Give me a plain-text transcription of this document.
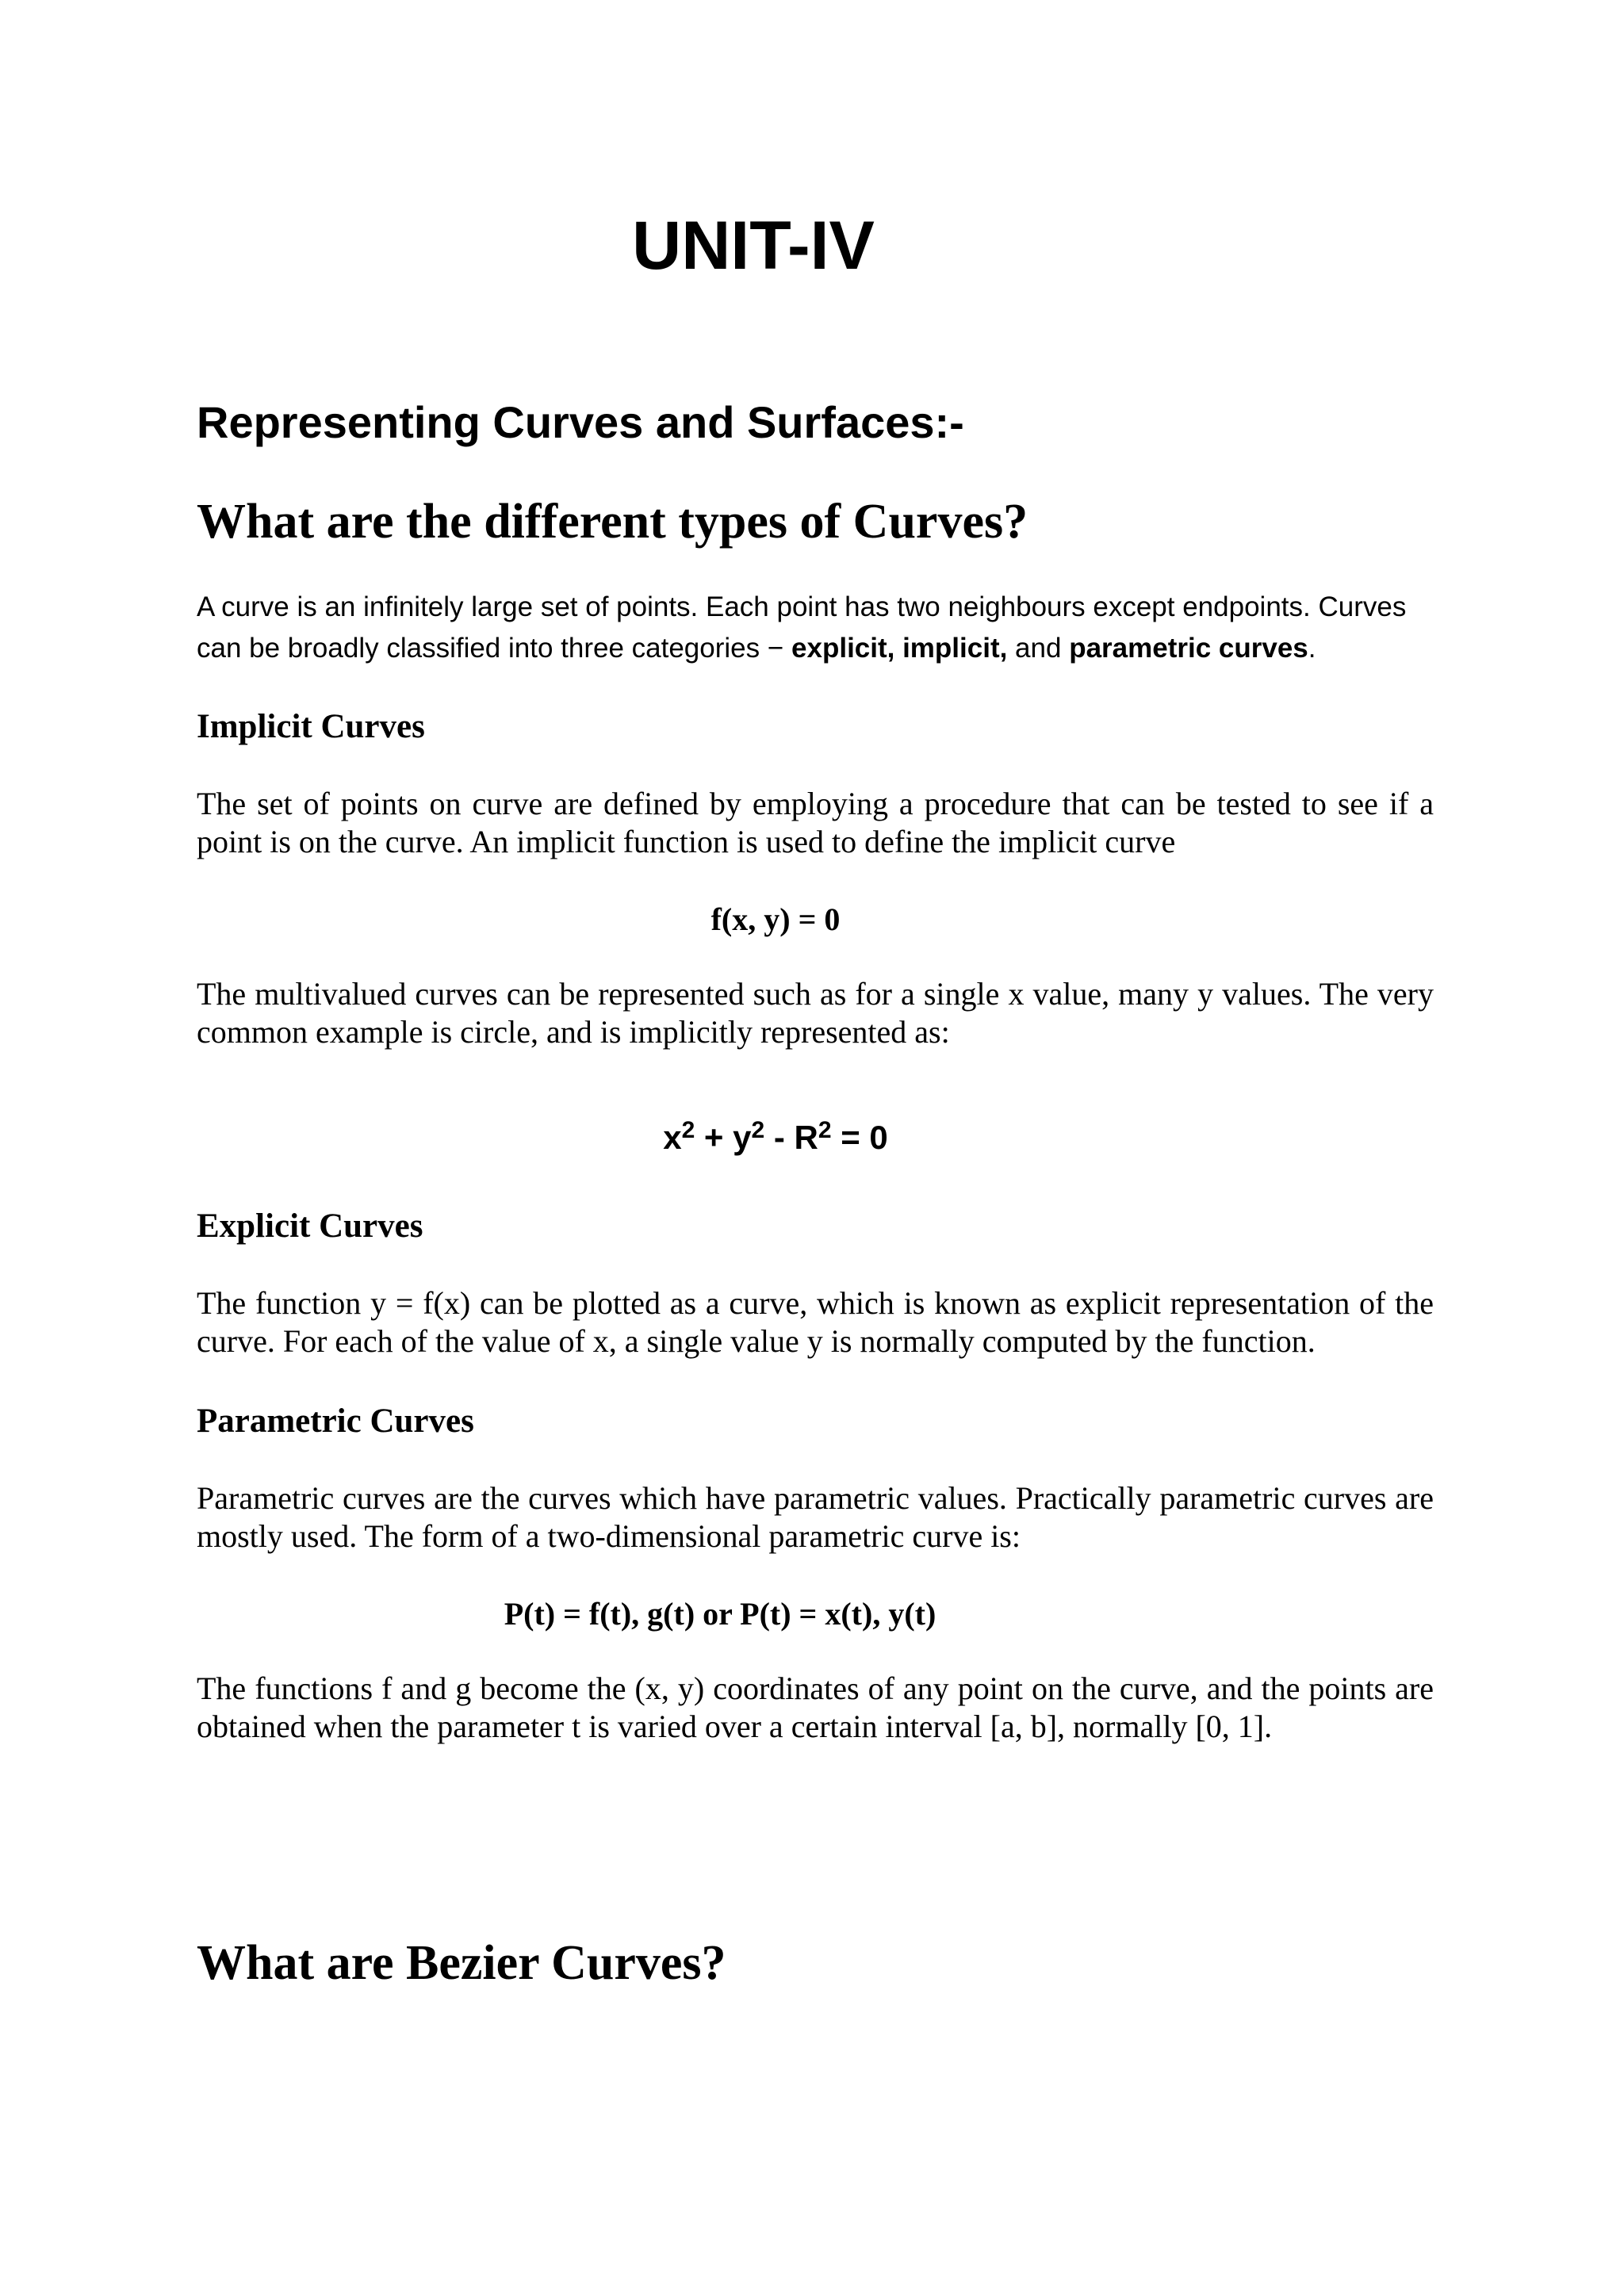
UNIT-IV
Representing Curves and Surfaces:-
What are the different types of Curves?

A curve is an infinitely large set of points. Each point has two neighbours except endpoints. Curves can be broadly classified into three categories − explicit, implicit, and parametric curves.

Implicit Curves

The set of points on curve are defined by employing a procedure that can be tested to see if a point is on the curve. An implicit function is used to define the implicit curve

f(x, y) = 0

The multivalued curves can be represented such as for a single x value, many y values. The very common example is circle, and is implicitly represented as:

$x^2 + y^2 - R^2 = 0$

Explicit Curves

The function y = f(x) can be plotted as a curve, which is known as explicit representation of the curve. For each of the value of x, a single value y is normally computed by the function.

Parametric Curves

Parametric curves are the curves which have parametric values. Practically parametric curves are mostly used. The form of a two-dimensional parametric curve is:

P(t) = f(t), g(t) or P(t) = x(t), y(t)

The functions f and g become the (x, y) coordinates of any point on the curve, and the points are obtained when the parameter t is varied over a certain interval [a, b], normally [0, 1].

What are Bezier Curves?
